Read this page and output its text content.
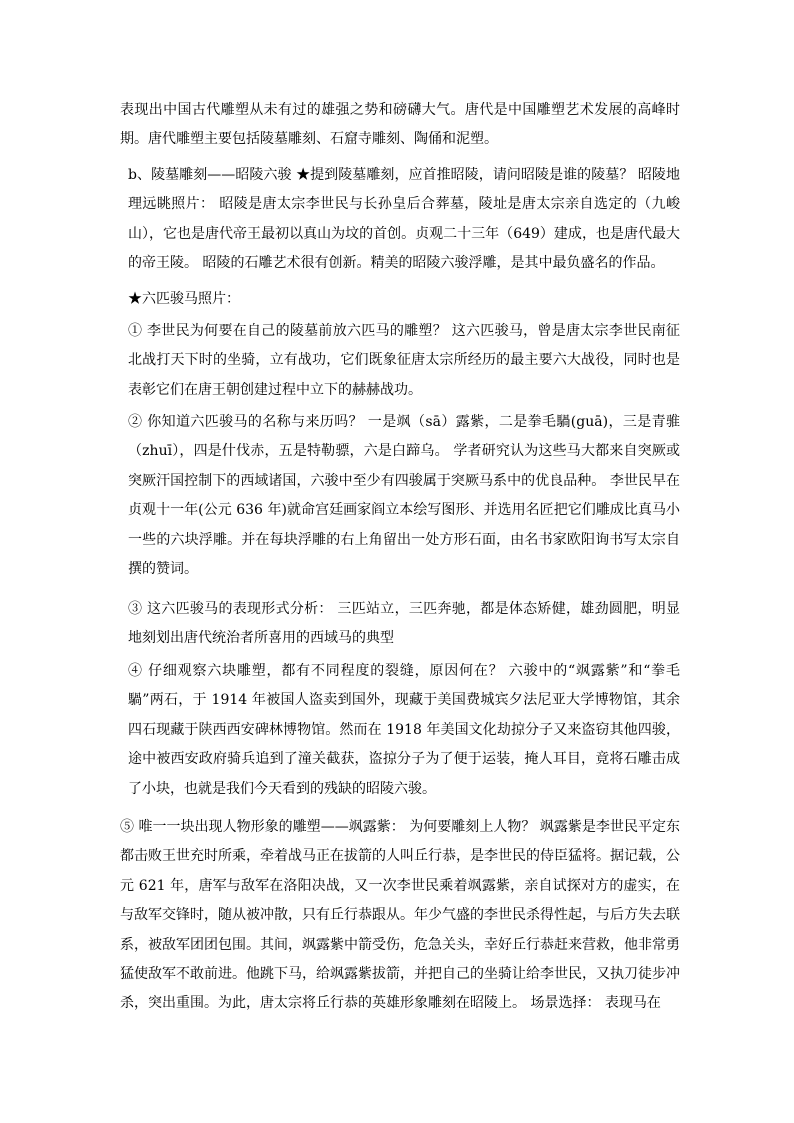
表现出中国古代雕塑从未有过的雄强之势和磅礴大气。唐代是中国雕塑艺术发展的高峰时期。唐代雕塑主要包括陵墓雕刻、石窟寺雕刻、陶俑和泥塑。

b、陵墓雕刻——昭陵六骏 ★提到陵墓雕刻，应首推昭陵，请问昭陵是谁的陵墓？ 昭陵地理远眺照片： 昭陵是唐太宗李世民与长孙皇后合葬墓，陵址是唐太宗亲自选定的（九峻山），它也是唐代帝王最初以真山为坟的首创。贞观二十三年（649）建成，也是唐代最大的帝王陵。 昭陵的石雕艺术很有创新。精美的昭陵六骏浮雕，是其中最负盛名的作品。

★六匹骏马照片：

① 李世民为何要在自己的陵墓前放六匹马的雕塑？ 这六匹骏马，曾是唐太宗李世民南征北战打天下时的坐骑，立有战功，它们既象征唐太宗所经历的最主要六大战役，同时也是表彰它们在唐王朝创建过程中立下的赫赫战功。

② 你知道六匹骏马的名称与来历吗？ 一是飒（sā）露紫，二是拳毛騧(guā)，三是青骓（zhuī），四是什伐赤，五是特勒骠，六是白蹄乌。 学者研究认为这些马大都来自突厥或突厥汗国控制下的西域诸国，六骏中至少有四骏属于突厥马系中的优良品种。 李世民早在贞观十一年(公元 636 年)就命宫廷画家阎立本绘写图形、并选用名匠把它们雕成比真马小一些的六块浮雕。并在每块浮雕的右上角留出一处方形石面，由名书家欧阳询书写太宗自撰的赞词。

③ 这六匹骏马的表现形式分析： 三匹站立，三匹奔驰，都是体态矫健，雄劲圆肥，明显地刻划出唐代统治者所喜用的西域马的典型

④ 仔细观察六块雕塑，都有不同程度的裂缝，原因何在？ 六骏中的“飒露紫”和“拳毛騧”两石，于 1914 年被国人盗卖到国外，现藏于美国费城宾夕法尼亚大学博物馆，其余四石现藏于陕西西安碑林博物馆。然而在 1918 年美国文化劫掠分子又来盗窃其他四骏，途中被西安政府骑兵追到了潼关截获，盗掠分子为了便于运装，掩人耳目，竟将石雕击成了小块，也就是我们今天看到的残缺的昭陵六骏。

⑤ 唯一一块出现人物形象的雕塑——飒露紫： 为何要雕刻上人物？ 飒露紫是李世民平定东都击败王世充时所乘，牵着战马正在拔箭的人叫丘行恭，是李世民的侍臣猛将。据记载，公元 621 年，唐军与敌军在洛阳决战，又一次李世民乘着飒露紫，亲自试探对方的虚实，在与敌军交锋时，随从被冲散，只有丘行恭跟从。年少气盛的李世民杀得性起，与后方失去联系，被敌军团团包围。其间，飒露紫中箭受伤，危急关头，幸好丘行恭赶来营救，他非常勇猛使敌军不敢前进。他跳下马，给飒露紫拔箭，并把自己的坐骑让给李世民，又执刀徒步冲杀，突出重围。为此，唐太宗将丘行恭的英雄形象雕刻在昭陵上。 场景选择： 表现马在
